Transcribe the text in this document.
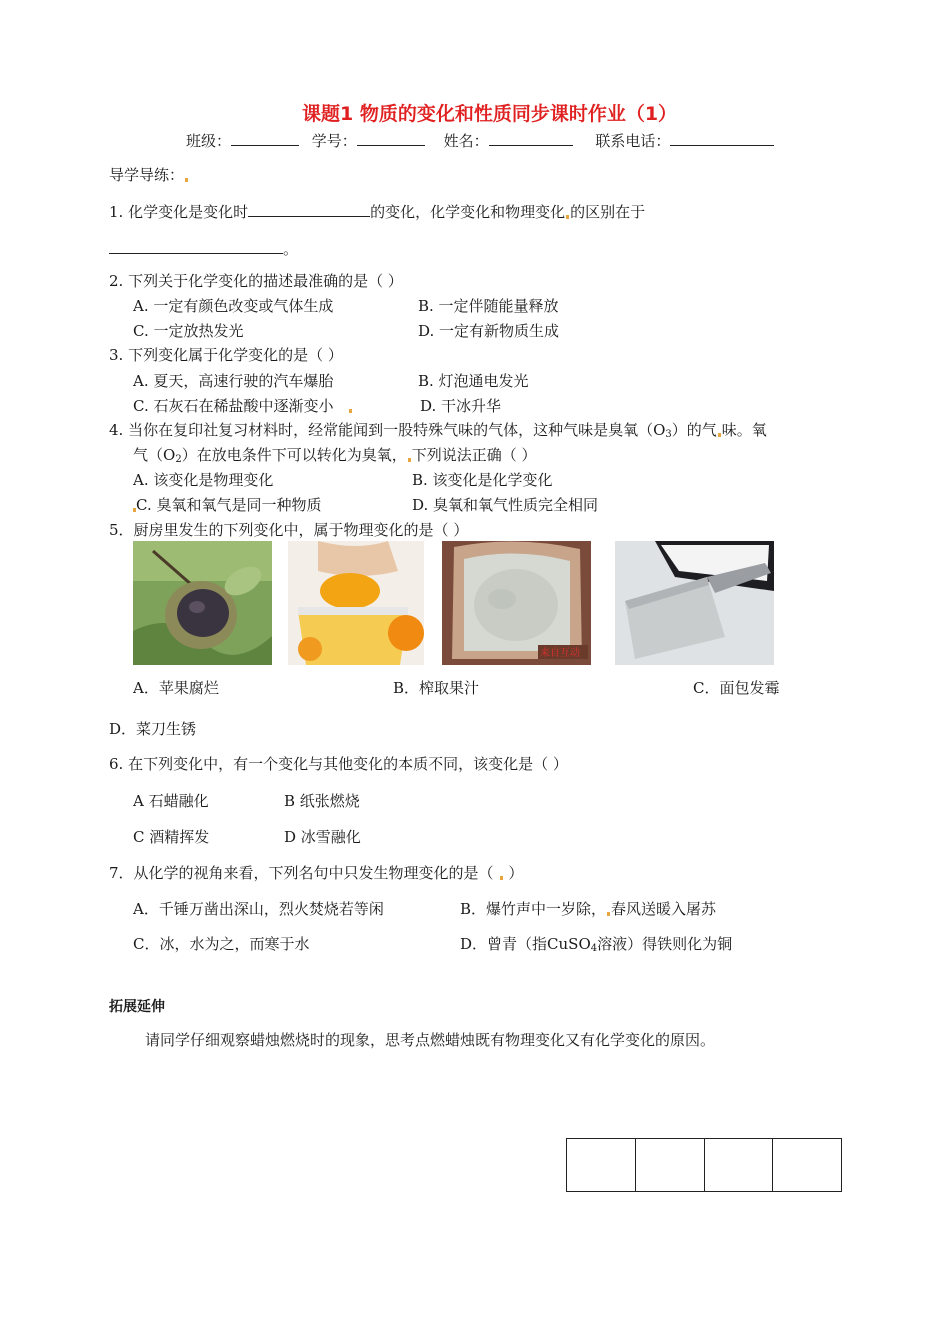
课题1 物质的变化和性质同步课时作业（1）
班级：	学号：	姓名：	联系电话：
导学导练：
1. 化学变化是变化时	的变化，化学变化和物理变化 的区别在于
。
2. 下列关于化学变化的描述最准确的是（ ）
A. 一定有颜色改变或气体生成	B. 一定伴随能量释放
C. 一定放热发光	D. 一定有新物质生成
3. 下列变化属于化学变化的是（ ）
A. 夏天，高速行驶的汽车爆胎	B. 灯泡通电发光
C. 石灰石在稀盐酸中逐渐变小	D. 干冰升华
4. 当你在复印社复习材料时，经常能闻到一股特殊气味的气体，这种气味是臭氧$(O_3)$的气 味。氧
气$(O_2)$在放电条件下可以转化为臭氧， 下列说法正确（ ）
A. 该变化是物理变化	B. 该变化是化学变化
C. 臭氧和氧气是同一种物质	D. 臭氧和氧气性质完全相同
5．厨房里发生的下列变化中，属于物理变化的是（ ）
来自互动
A．苹果腐烂	B．榨取果汁	C．面包发霉
D．菜刀生锈
6. 在下列变化中，有一个变化与其他变化的本质不同，该变化是（ ）
A 石蜡融化	B 纸张燃烧
C 酒精挥发	D 冰雪融化
7．从化学的视角来看，下列名句中只发生物理变化的是（ ）
A．千锤万凿出深山，烈火焚烧若等闲	B．爆竹声中一岁除， 春风送暖入屠苏
C．冰，水为之，而寒于水	D．曾青（指CuSO$_4$溶液）得铁则化为铜
拓展延伸
请同学仔细观察蜡烛燃烧时的现象，思考点燃蜡烛既有物理变化又有化学变化的原因。
